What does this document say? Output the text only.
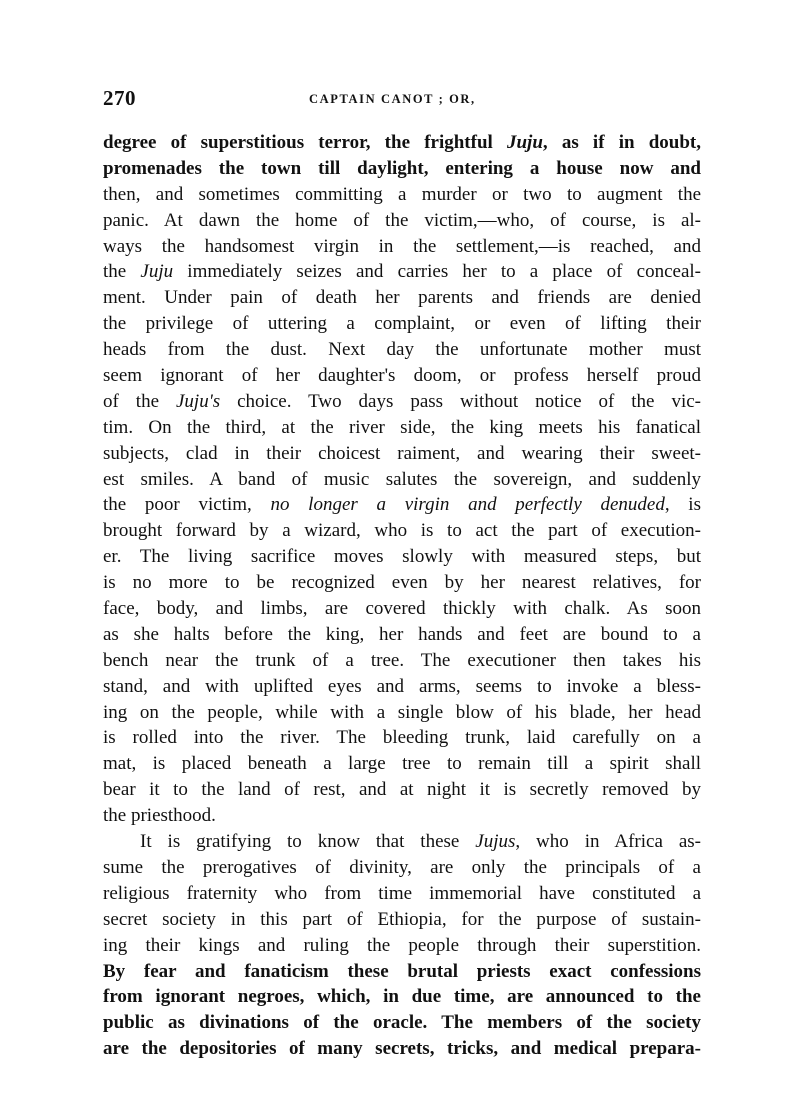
270	CAPTAIN CANOT ; OR,
degree of superstitious terror, the frightful Juju, as if in doubt,
promenades the town till daylight, entering a house now and
then, and sometimes committing a murder or two to augment the
panic. At dawn the home of the victim,—who, of course, is al-
ways the handsomest virgin in the settlement,—is reached, and
the Juju immediately seizes and carries her to a place of conceal-
ment. Under pain of death her parents and friends are denied
the privilege of uttering a complaint, or even of lifting their
heads from the dust. Next day the unfortunate mother must
seem ignorant of her daughter's doom, or profess herself proud
of the Juju's choice. Two days pass without notice of the vic-
tim. On the third, at the river side, the king meets his fanatical
subjects, clad in their choicest raiment, and wearing their sweet-
est smiles. A band of music salutes the sovereign, and suddenly
the poor victim, no longer a virgin and perfectly denuded, is
brought forward by a wizard, who is to act the part of execution-
er. The living sacrifice moves slowly with measured steps, but
is no more to be recognized even by her nearest relatives, for
face, body, and limbs, are covered thickly with chalk. As soon
as she halts before the king, her hands and feet are bound to a
bench near the trunk of a tree. The executioner then takes his
stand, and with uplifted eyes and arms, seems to invoke a bless-
ing on the people, while with a single blow of his blade, her head
is rolled into the river. The bleeding trunk, laid carefully on a
mat, is placed beneath a large tree to remain till a spirit shall
bear it to the land of rest, and at night it is secretly removed by
the priesthood.
It is gratifying to know that these Jujus, who in Africa as-
sume the prerogatives of divinity, are only the principals of a
religious fraternity who from time immemorial have constituted a
secret society in this part of Ethiopia, for the purpose of sustain-
ing their kings and ruling the people through their superstition.
By fear and fanaticism these brutal priests exact confessions
from ignorant negroes, which, in due time, are announced to the
public as divinations of the oracle. The members of the society
are the depositories of many secrets, tricks, and medical prepara-
